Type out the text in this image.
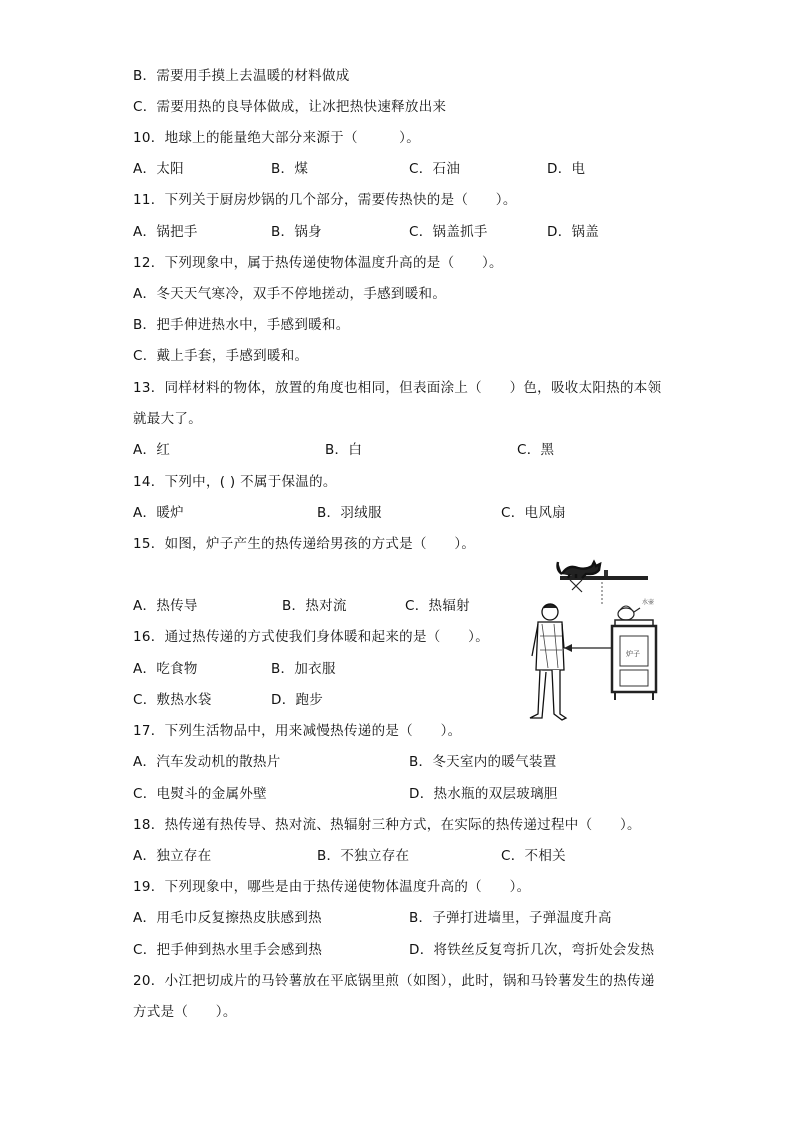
B．需要用手摸上去温暖的材料做成
C．需要用热的良导体做成，让冰把热快速释放出来
10．地球上的能量绝大部分来源于（　　　）。
A．太阳	B．煤	C．石油	D．电
11．下列关于厨房炒锅的几个部分，需要传热快的是（　　）。
A．锅把手	B．锅身	C．锅盖抓手	D．锅盖
12．下列现象中，属于热传递使物体温度升高的是（　　）。
A．冬天天气寒冷，双手不停地搓动，手感到暖和。
B．把手伸进热水中，手感到暖和。
C．戴上手套，手感到暖和。
13．同样材料的物体，放置的角度也相同，但表面涂上（　　）色，吸收太阳热的本领
就最大了。
A．红	B．白	C．黑
14．下列中，( ) 不属于保温的。
A．暖炉	B．羽绒服	C．电风扇
15．如图，炉子产生的热传递给男孩的方式是（　　）。
A．热传导	B．热对流	C．热辐射
16．通过热传递的方式使我们身体暖和起来的是（　　）。
A．吃食物	B．加衣服
C．敷热水袋	D．跑步
17．下列生活物品中，用来减慢热传递的是（　　）。
A．汽车发动机的散热片	B．冬天室内的暖气装置
C．电熨斗的金属外壁	D．热水瓶的双层玻璃胆
18．热传递有热传导、热对流、热辐射三种方式，在实际的热传递过程中（　　）。
A．独立存在	B．不独立存在	C．不相关
19．下列现象中，哪些是由于热传递使物体温度升高的（　　）。
A．用毛巾反复擦热皮肤感到热	B．子弹打进墙里，子弹温度升高
C．把手伸到热水里手会感到热	D．将铁丝反复弯折几次，弯折处会发热
20．小江把切成片的马铃薯放在平底锅里煎（如图），此时，锅和马铃薯发生的热传递
方式是（　　）。
水壶
炉子
